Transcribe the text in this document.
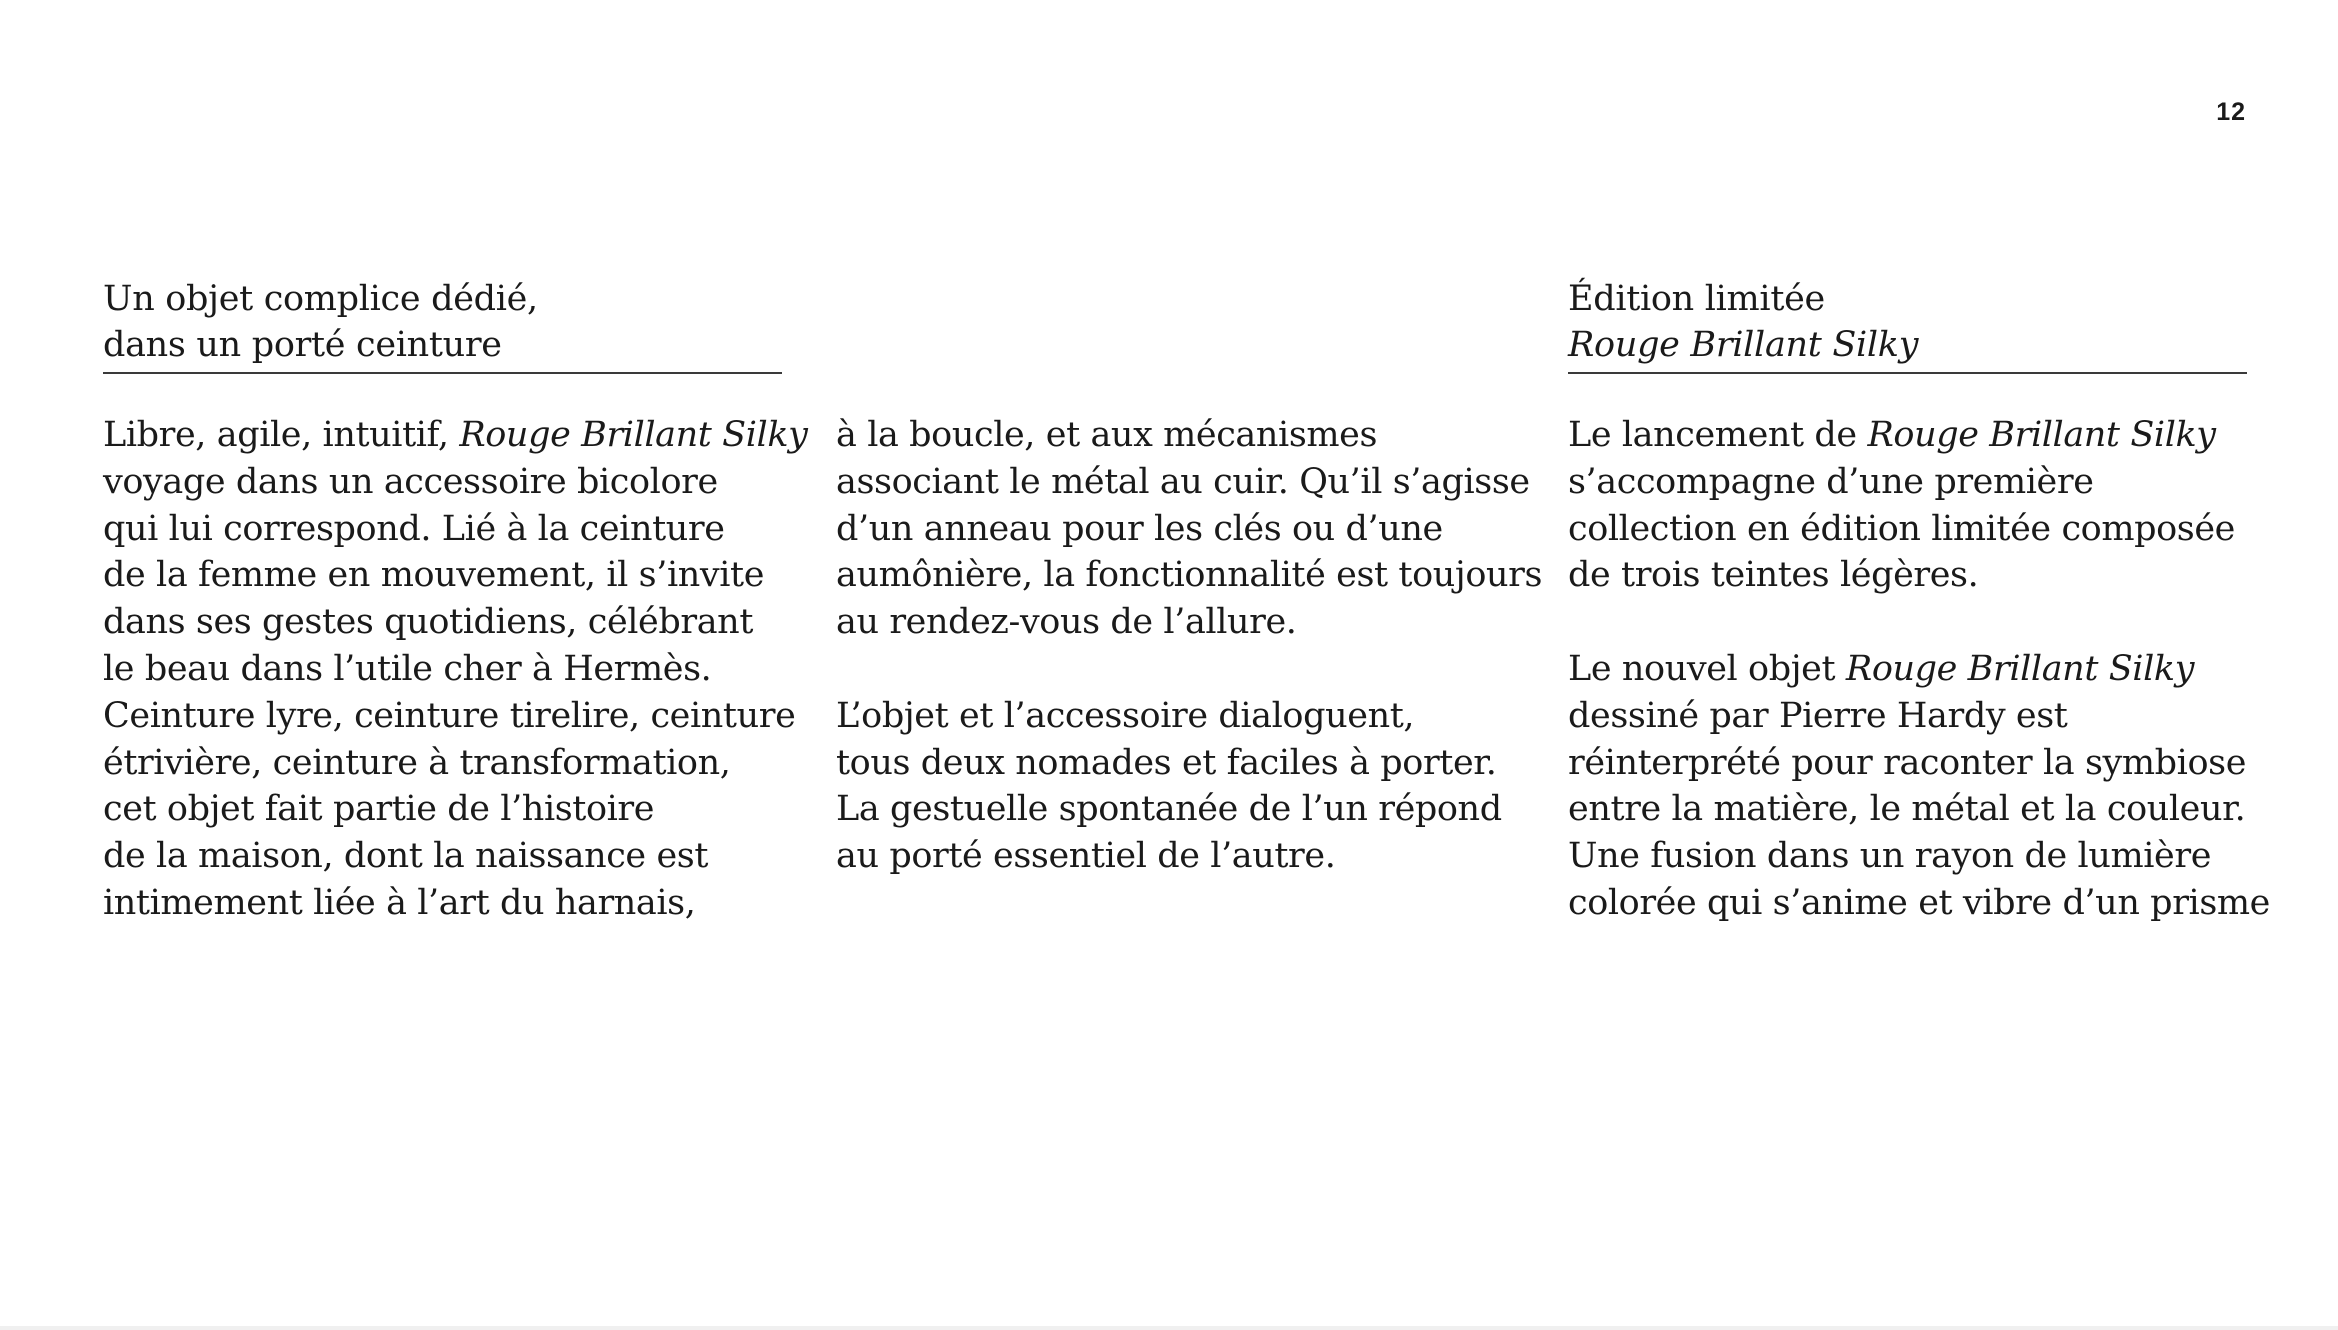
12
Un objet complice dédié,
dans un porté ceinture

Libre, agile, intuitif, Rouge Brillant Silky
voyage dans un accessoire bicolore
qui lui correspond. Lié à la ceinture
de la femme en mouvement, il s’invite
dans ses gestes quotidiens, célébrant
le beau dans l’utile cher à Hermès.
Ceinture lyre, ceinture tirelire, ceinture
étrivière, ceinture à transformation,
cet objet fait partie de l’histoire
de la maison, dont la naissance est
intimement liée à l’art du harnais,

à la boucle, et aux mécanismes
associant le métal au cuir. Qu’il s’agisse
d’un anneau pour les clés ou d’une
aumônière, la fonctionnalité est toujours
au rendez-vous de l’allure.

L’objet et l’accessoire dialoguent,
tous deux nomades et faciles à porter.
La gestuelle spontanée de l’un répond
au porté essentiel de l’autre.

Édition limitée
Rouge Brillant Silky

Le lancement de Rouge Brillant Silky
s’accompagne d’une première
collection en édition limitée composée
de trois teintes légères.

Le nouvel objet Rouge Brillant Silky
dessiné par Pierre Hardy est
réinterprété pour raconter la symbiose
entre la matière, le métal et la couleur.
Une fusion dans un rayon de lumière
colorée qui s’anime et vibre d’un prisme
